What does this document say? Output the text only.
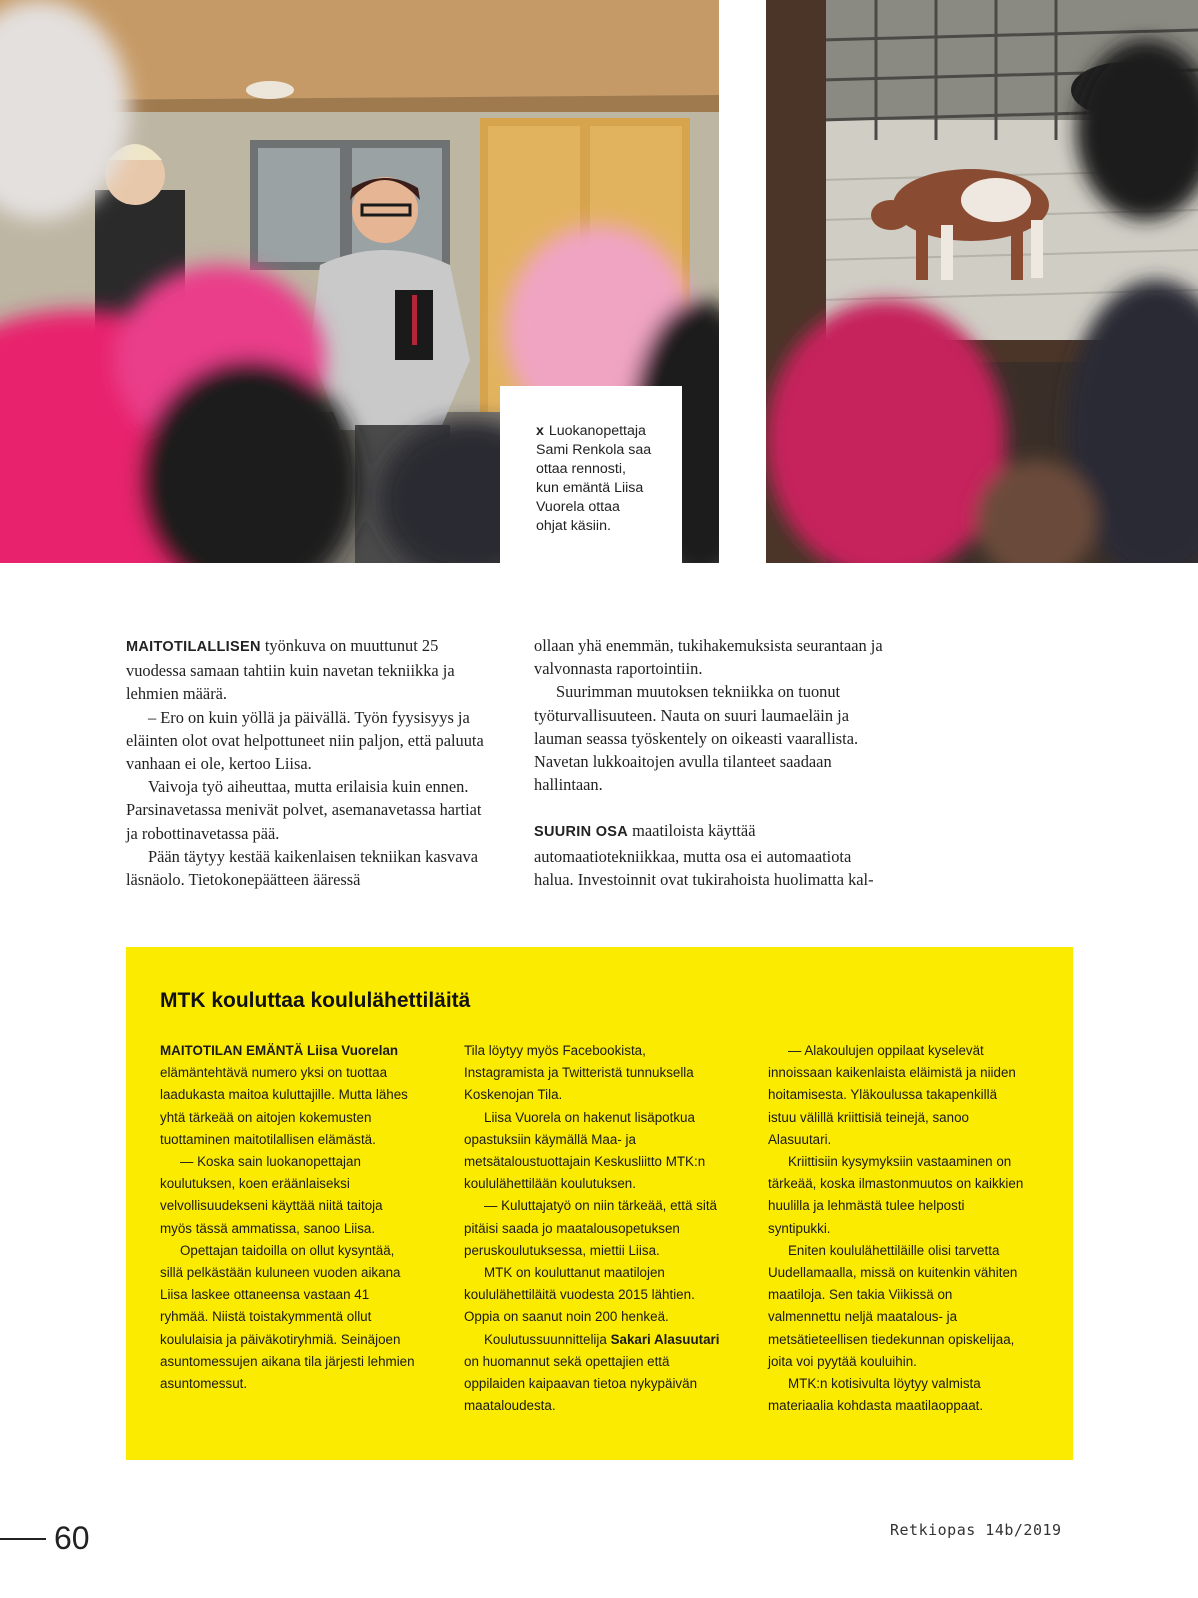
x Luokanopettaja
Sami Renkola saa
ottaa rennosti,
kun emäntä Liisa
Vuorela ottaa
ohjat käsiin.

MAITOTILALLISEN työnkuva on muuttunut 25 vuodessa samaan tahtiin kuin navetan tekniikka ja lehmien määrä.

– Ero on kuin yöllä ja päivällä. Työn fyysisyys ja eläinten olot ovat helpottuneet niin paljon, että paluuta vanhaan ei ole, kertoo Liisa.

Vaivoja työ aiheuttaa, mutta erilaisia kuin ennen. Parsinavetassa menivät polvet, asemanavetassa hartiat ja robottinavetassa pää.

Pään täytyy kestää kaikenlaisen tekniikan kasvava läsnäolo. Tietokonepäätteen ääressä

ollaan yhä enemmän, tukihakemuksista seurantaan ja valvonnasta raportointiin.

Suurimman muutoksen tekniikka on tuonut työturvallisuuteen. Nauta on suuri laumaeläin ja lauman seassa työskentely on oikeasti vaarallista. Navetan lukkoaitojen avulla tilanteet saadaan hallintaan.

SUURIN OSA maatiloista käyttää automaatiotekniikkaa, mutta osa ei automaatiota halua. Investoinnit ovat tukirahoista huolimatta kal-

MTK kouluttaa koululähettiläitä

MAITOTILAN EMÄNTÄ Liisa Vuorelan elämäntehtävä numero yksi on tuottaa laadukasta maitoa kuluttajille. Mutta lähes yhtä tärkeää on aitojen kokemusten tuottaminen maitotilallisen elämästä.

— Koska sain luokanopettajan koulutuksen, koen eräänlaiseksi velvollisuudekseni käyttää niitä taitoja myös tässä ammatissa, sanoo Liisa.

Opettajan taidoilla on ollut kysyntää, sillä pelkästään kuluneen vuoden aikana Liisa laskee ottaneensa vastaan 41 ryhmää. Niistä toistakymmentä ollut koululaisia ja päiväkotiryhmiä. Seinäjoen asuntomessujen aikana tila järjesti lehmien asuntomessut.

Tila löytyy myös Facebookista, Instagramista ja Twitteristä tunnuksella Koskenojan Tila.

Liisa Vuorela on hakenut lisäpotkua opastuksiin käymällä Maa- ja metsätaloustuottajain Keskusliitto MTK:n koululähettilään koulutuksen.

— Kuluttajatyö on niin tärkeää, että sitä pitäisi saada jo maatalousopetuksen peruskoulutuksessa, miettii Liisa.

MTK on kouluttanut maatilojen koululähettiläitä vuodesta 2015 lähtien. Oppia on saanut noin 200 henkeä.

Koulutussuunnittelija Sakari Alasuutari on huomannut sekä opettajien että oppilaiden kaipaavan tietoa nykypäivän maataloudesta.

— Alakoulujen oppilaat kyselevät innoissaan kaikenlaista eläimistä ja niiden hoitamisesta. Yläkoulussa takapenkillä istuu välillä kriittisiä teinejä, sanoo Alasuutari.

Kriittisiin kysymyksiin vastaaminen on tärkeää, koska ilmastonmuutos on kaikkien huulilla ja lehmästä tulee helposti syntipukki.

Eniten koululähettiläille olisi tarvetta Uudellamaalla, missä on kuitenkin vähiten maatiloja. Sen takia Viikissä on valmennettu neljä maatalous- ja metsätieteellisen tiedekunnan opiskelijaa, joita voi pyytää kouluihin.

MTK:n kotisivulta löytyy valmista materiaalia kohdasta maatilaoppaat.

60	Retkiopas 14b/2019
